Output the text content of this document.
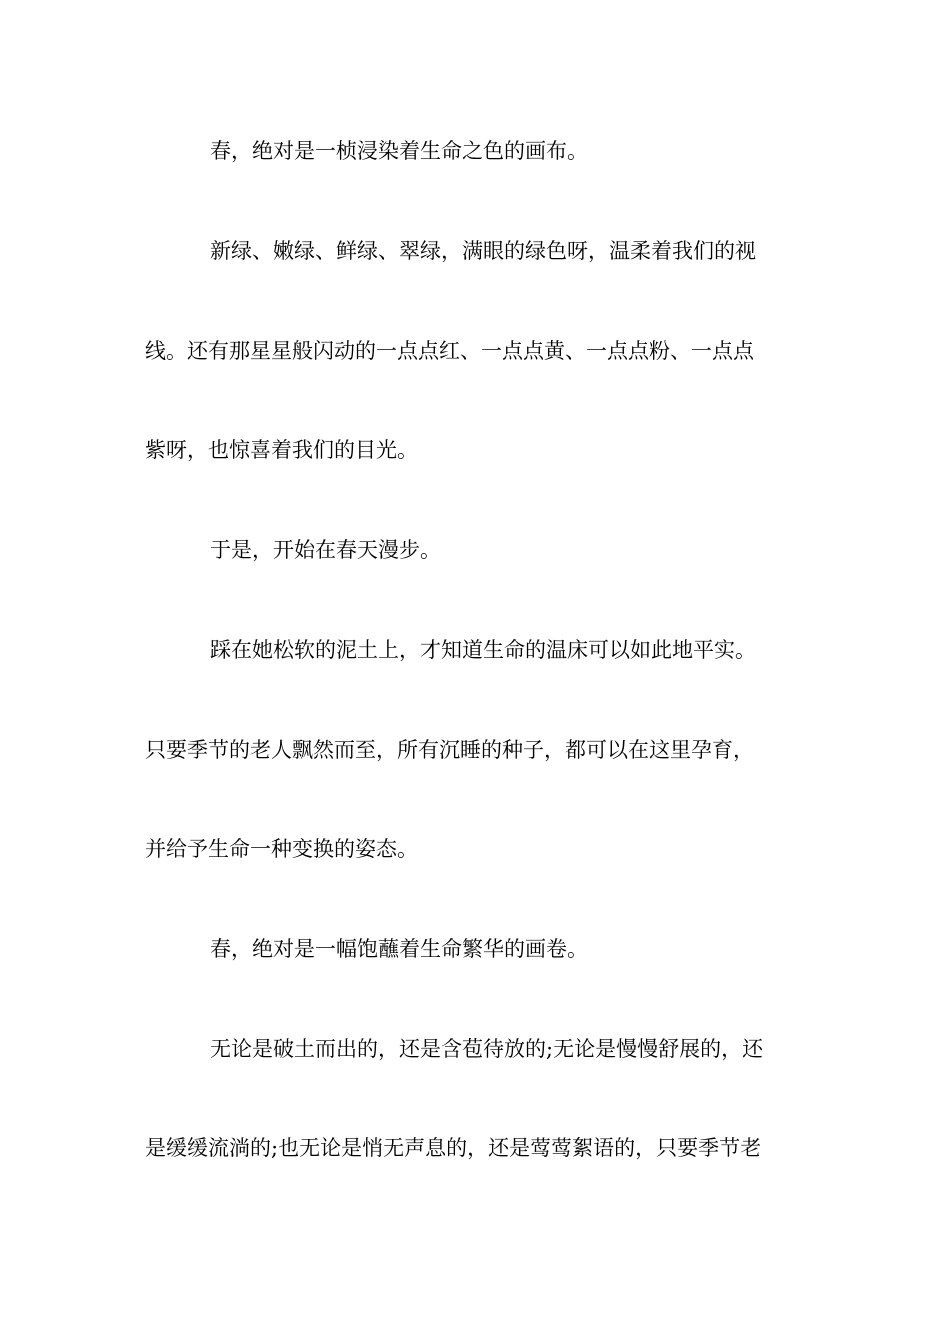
春，绝对是一桢浸染着生命之色的画布。
新绿、嫩绿、鲜绿、翠绿，满眼的绿色呀，温柔着我们的视
线。还有那星星般闪动的一点点红、一点点黄、一点点粉、一点点
紫呀，也惊喜着我们的目光。
于是，开始在春天漫步。
踩在她松软的泥土上，才知道生命的温床可以如此地平实。
只要季节的老人飘然而至，所有沉睡的种子，都可以在这里孕育，
并给予生命一种变换的姿态。
春，绝对是一幅饱蘸着生命繁华的画卷。
无论是破土而出的，还是含苞待放的;无论是慢慢舒展的，还
是缓缓流淌的;也无论是悄无声息的，还是莺莺絮语的，只要季节老
